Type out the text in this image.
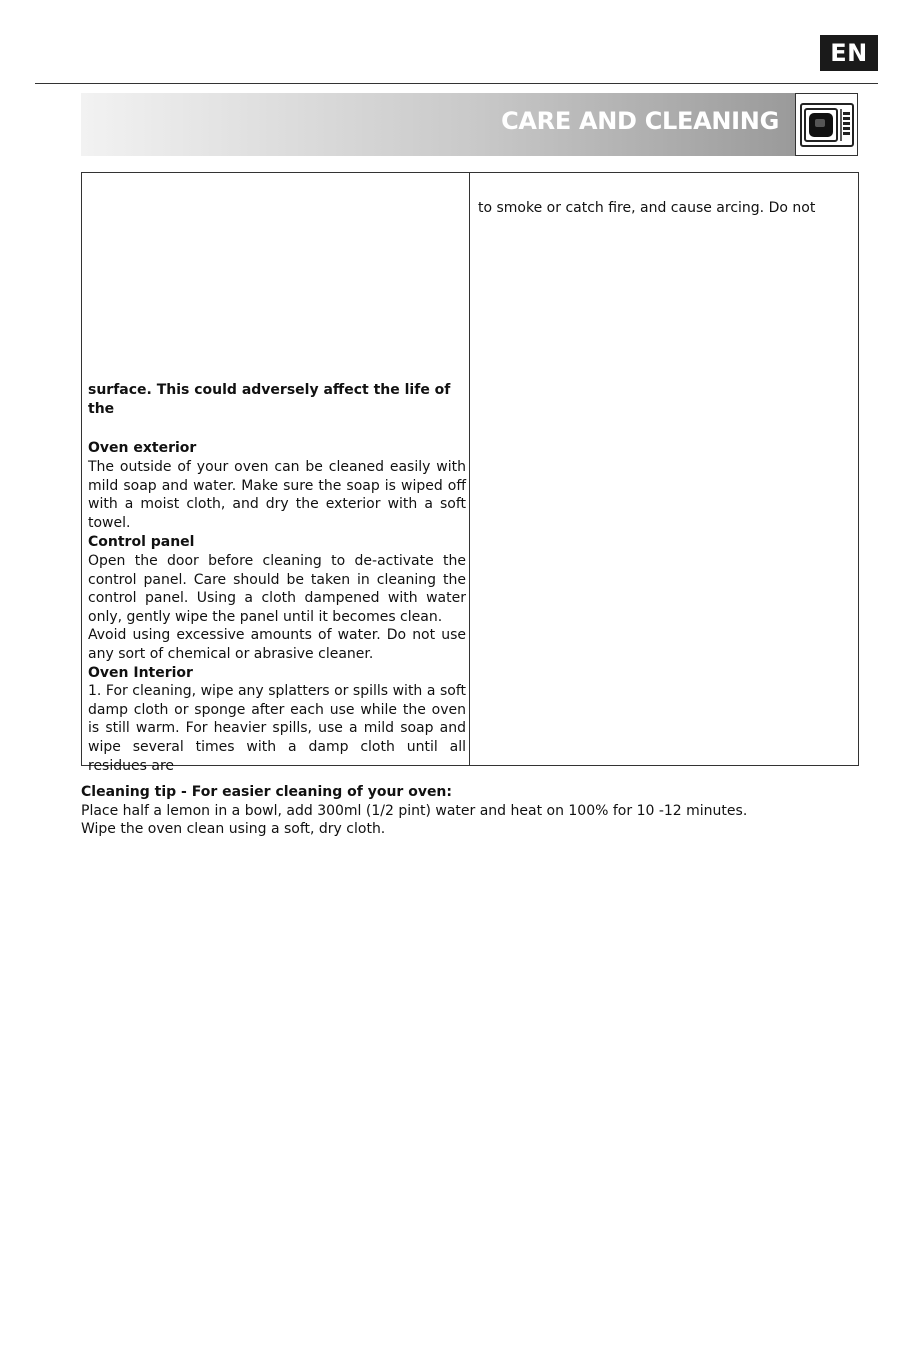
EN
CARE AND CLEANING
surface. This could adversely affect the life of the
Oven exterior
The outside of your oven can be cleaned easily with mild soap and water. Make sure the soap is wiped off with a moist cloth, and dry the exterior with a soft towel.
Control panel
Open the door before cleaning to de-activate the control panel. Care should be taken in cleaning the control panel. Using a cloth dampened with water only, gently wipe the panel until it becomes clean.
Avoid using excessive amounts of water. Do not use any sort of chemical or abrasive cleaner.
Oven Interior
1. For cleaning, wipe any splatters or spills with a soft damp cloth or sponge after each use while the oven is still warm. For heavier spills, use a mild soap and wipe several times with a damp cloth until all residues are
to smoke or catch fire, and cause arcing. Do not

Cleaning tip - For easier cleaning of your oven:

Place half a lemon in a bowl, add 300ml (1/2 pint) water and heat on 100% for 10 -12 minutes.

Wipe the oven clean using a soft, dry cloth.
